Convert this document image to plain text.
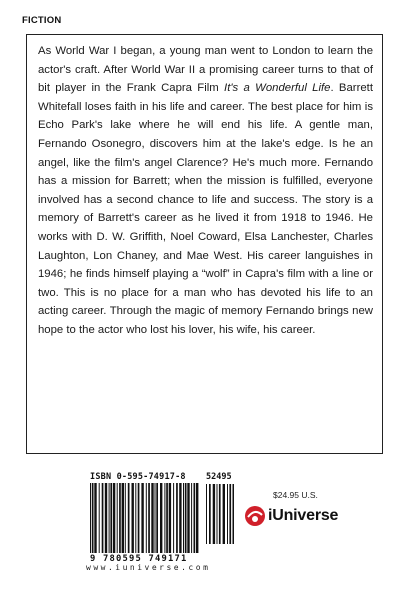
FICTION

As World War I began, a young man went to London to learn the actor's craft. After World War II a promising career turns to that of bit player in the Frank Capra Film It's a Wonderful Life. Barrett Whitefall loses faith in his life and career. The best place for him is Echo Park's lake where he will end his life. A gentle man, Fernando Osonegro, discovers him at the lake's edge. Is he an angel, like the film's angel Clarence? He's much more. Fernando has a mission for Barrett; when the mission is fulfilled, everyone involved has a second chance to life and success. The story is a memory of Barrett's career as he lived it from 1918 to 1946. He works with D. W. Griffith, Noel Coward, Elsa Lanchester, Charles Laughton, Lon Chaney, and Mae West. His career languishes in 1946; he finds himself playing a “wolf” in Capra's film with a line or two. This is no place for a man who has devoted his life to an acting career. Through the magic of memory Fernando brings new hope to the actor who lost his lover, his wife, his career.

ISBN 0-595-74917-8 52495
9 780595 749171
www.iuniverse.com
$24.95 U.S.
iUniverse
